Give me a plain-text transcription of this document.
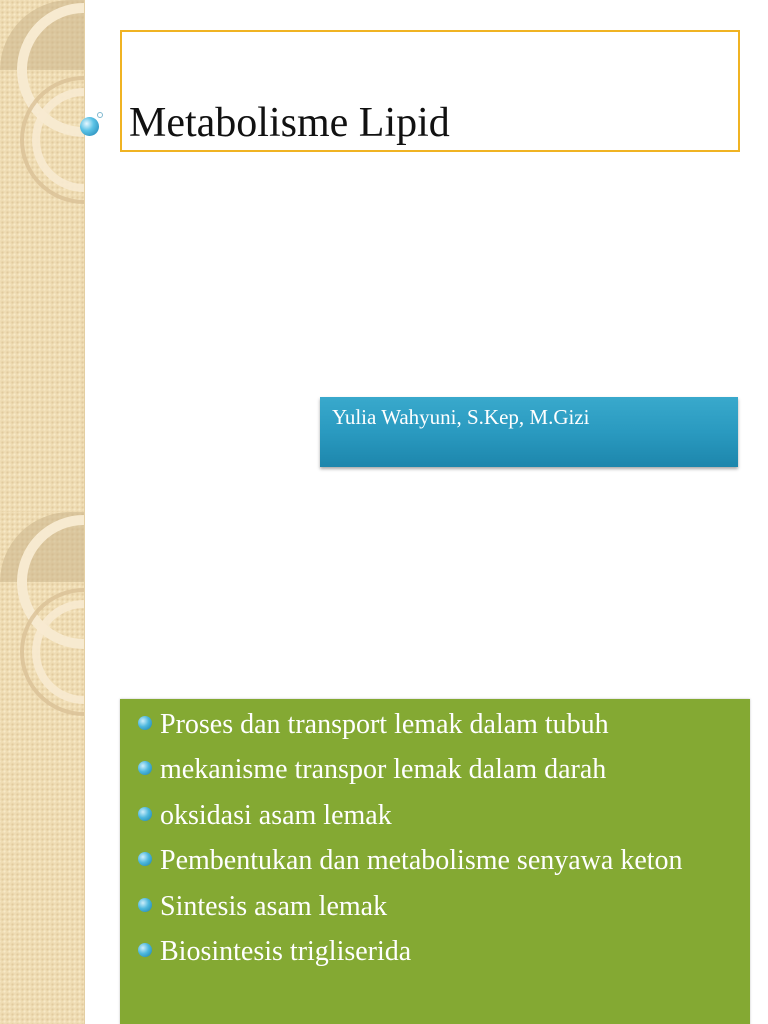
Metabolisme Lipid
Yulia Wahyuni, S.Kep, M.Gizi
Proses dan transport lemak dalam tubuh
mekanisme transpor lemak dalam darah
oksidasi asam lemak
Pembentukan dan metabolisme senyawa keton
Sintesis asam lemak
Biosintesis trigliserida
